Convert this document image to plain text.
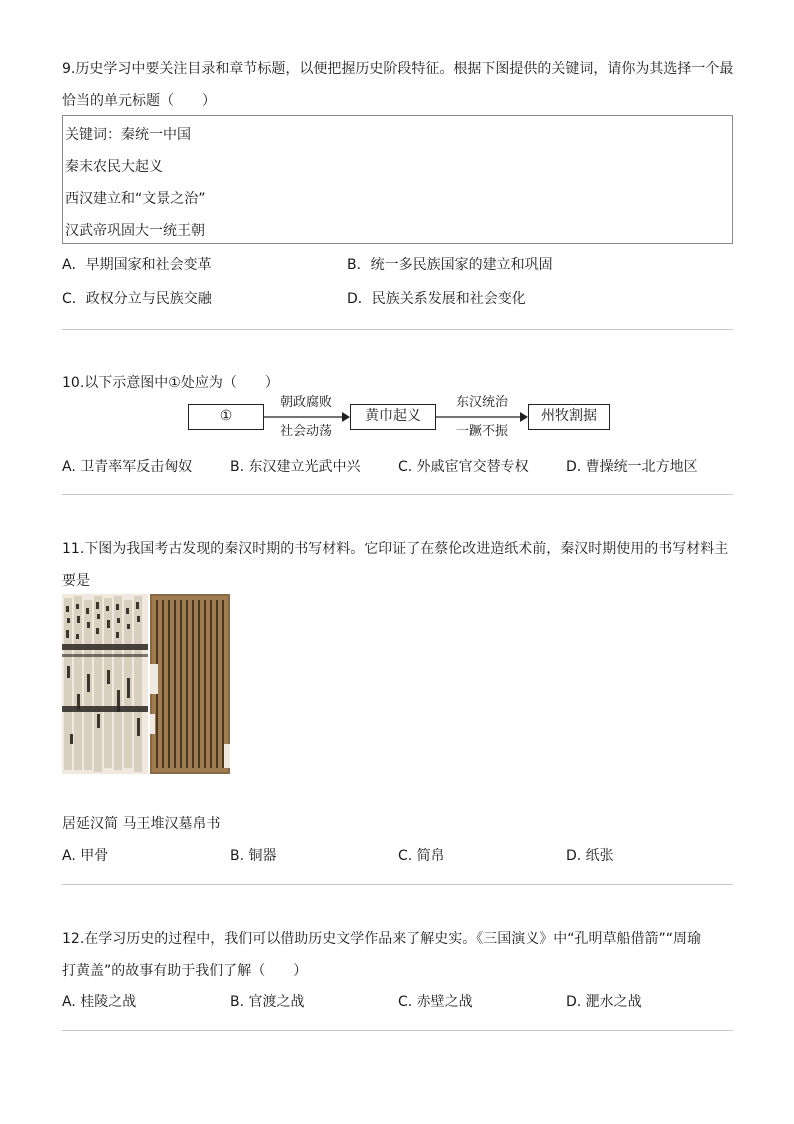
9.历史学习中要关注目录和章节标题，以便把握历史阶段特征。根据下图提供的关键词，请你为其选择一个最
恰当的单元标题（　　）
关键词：秦统一中国
秦末农民大起义
西汉建立和“文景之治”
汉武帝巩固大一统王朝
A．早期国家和社会变革	B．统一多民族国家的建立和巩固
C．政权分立与民族交融	D．民族关系发展和社会变化
10.以下示意图中①处应为（　　）
①
朝政腐败
社会动荡
黄巾起义
东汉统治
一蹶不振
州牧割据
A. 卫青率军反击匈奴	B. 东汉建立光武中兴	C. 外戚宦官交替专权	D. 曹操统一北方地区
11.下图为我国考古发现的秦汉时期的书写材料。它印证了在蔡伦改进造纸术前，秦汉时期使用的书写材料主
要是
居延汉简 马王堆汉墓帛书
A. 甲骨	B. 铜器	C. 简帛	D. 纸张
12.在学习历史的过程中，我们可以借助历史文学作品来了解史实。《三国演义》中“孔明草船借箭”“周瑜
打黄盖”的故事有助于我们了解（　　）
A. 桂陵之战	B. 官渡之战	C. 赤壁之战	D. 淝水之战
